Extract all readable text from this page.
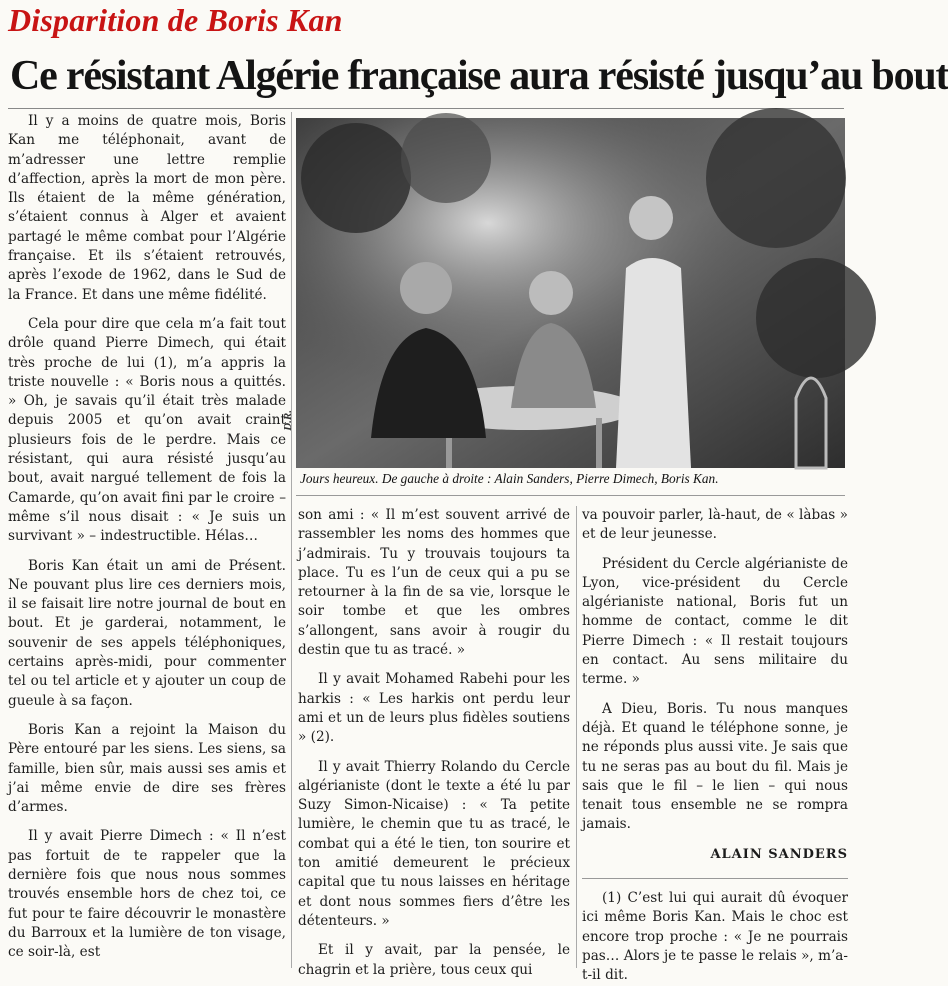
Disparition de Boris Kan
Ce résistant Algérie française aura résisté jusqu’au bout

Il y a moins de quatre mois, Boris Kan me téléphonait, avant de m’adresser une lettre remplie d’affection, après la mort de mon père. Ils étaient de la même génération, s’étaient connus à Alger et avaient partagé le même combat pour l’Algérie française. Et ils s’étaient retrouvés, après l’exode de 1962, dans le Sud de la France. Et dans une même fidélité.

Cela pour dire que cela m’a fait tout drôle quand Pierre Dimech, qui était très proche de lui (1), m’a appris la triste nouvelle : « Boris nous a quittés. » Oh, je savais qu’il était très malade depuis 2005 et qu’on avait craint plusieurs fois de le perdre. Mais ce résistant, qui aura résisté jusqu’au bout, avait nargué tellement de fois la Camarde, qu’on avait fini par le croire – même s’il nous disait : « Je suis un survivant » – indestructible. Hélas…

Boris Kan était un ami de Présent. Ne pouvant plus lire ces derniers mois, il se faisait lire notre journal de bout en bout. Et je garderai, notamment, le souvenir de ses appels téléphoniques, certains après-midi, pour commenter tel ou tel article et y ajouter un coup de gueule à sa façon.

Boris Kan a rejoint la Maison du Père entouré par les siens. Les siens, sa famille, bien sûr, mais aussi ses amis et j’ai même envie de dire ses frères d’armes.

Il y avait Pierre Dimech : « Il n’est pas fortuit de te rappeler que la dernière fois que nous nous sommes trouvés ensemble hors de chez toi, ce fut pour te faire découvrir le monastère du Barroux et la lumière de ton visage, ce soir-là, est

D.R.
Jours heureux. De gauche à droite : Alain Sanders, Pierre Dimech, Boris Kan.

son ami : « Il m’est souvent arrivé de rassembler les noms des hommes que j’admirais. Tu y trouvais toujours ta place. Tu es l’un de ceux qui a pu se retourner à la fin de sa vie, lorsque le soir tombe et que les ombres s’allongent, sans avoir à rougir du destin que tu as tracé. »

Il y avait Mohamed Rabehi pour les harkis : « Les harkis ont perdu leur ami et un de leurs plus fidèles soutiens » (2).

Il y avait Thierry Rolando du Cercle algérianiste (dont le texte a été lu par Suzy Simon-Nicaise) : « Ta petite lumière, le chemin que tu as tracé, le combat qui a été le tien, ton sourire et ton amitié demeurent le précieux capital que tu nous laisses en héritage et dont nous sommes fiers d’être les détenteurs. »

Et il y avait, par la pensée, le chagrin et la prière, tous ceux qui

va pouvoir parler, là-haut, de « làbas » et de leur jeunesse.

Président du Cercle algérianiste de Lyon, vice-président du Cercle algérianiste national, Boris fut un homme de contact, comme le dit Pierre Dimech : « Il restait toujours en contact. Au sens militaire du terme. »

A Dieu, Boris. Tu nous manques déjà. Et quand le téléphone sonne, je ne réponds plus aussi vite. Je sais que tu ne seras pas au bout du fil. Mais je sais que le fil – le lien – qui nous tenait tous ensemble ne se rompra jamais.

ALAIN SANDERS

(1) C’est lui qui aurait dû évoquer ici même Boris Kan. Mais le choc est encore trop proche : « Je ne pourrais pas… Alors je te passe le relais », m’a-t-il dit.
